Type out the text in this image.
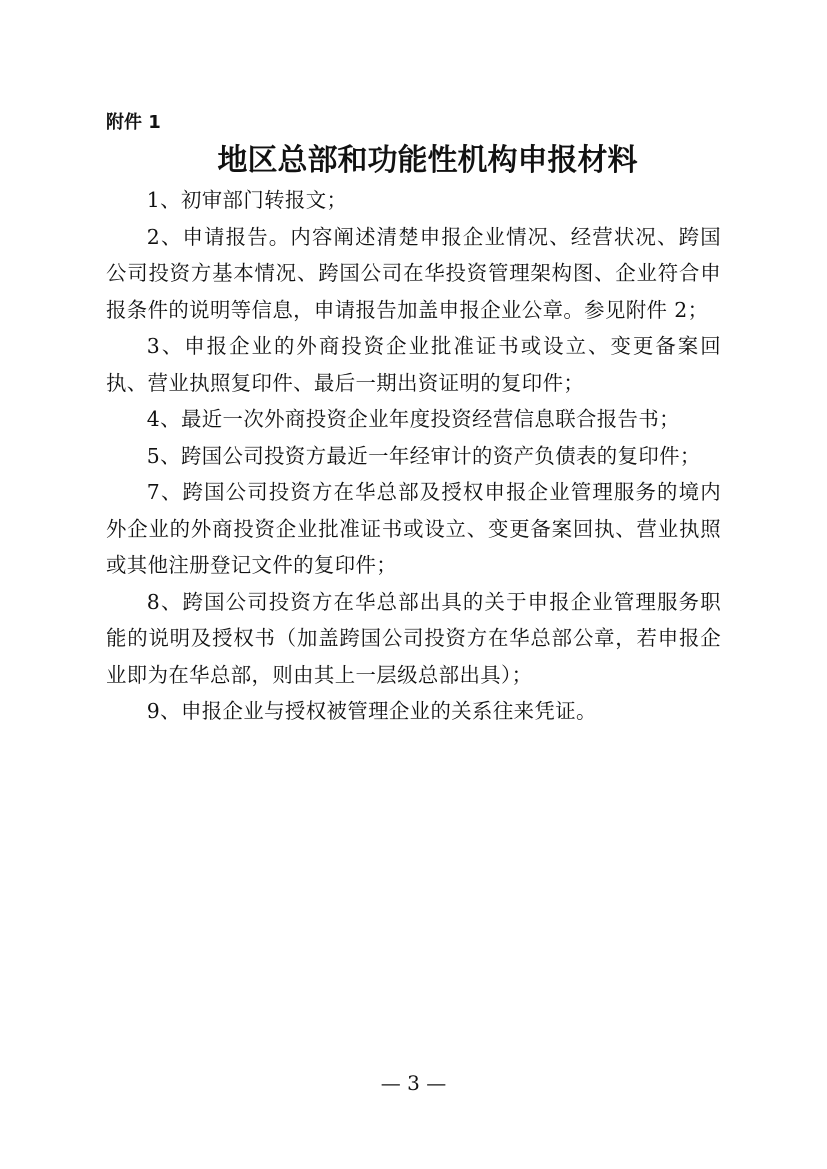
附件 1
地区总部和功能性机构申报材料

1、初审部门转报文；

2、申请报告。内容阐述清楚申报企业情况、经营状况、跨国公司投资方基本情况、跨国公司在华投资管理架构图、企业符合申报条件的说明等信息，申请报告加盖申报企业公章。参见附件 2；

3、申报企业的外商投资企业批准证书或设立、变更备案回执、营业执照复印件、最后一期出资证明的复印件；

4、最近一次外商投资企业年度投资经营信息联合报告书；

5、跨国公司投资方最近一年经审计的资产负债表的复印件；

7、跨国公司投资方在华总部及授权申报企业管理服务的境内外企业的外商投资企业批准证书或设立、变更备案回执、营业执照或其他注册登记文件的复印件；

8、跨国公司投资方在华总部出具的关于申报企业管理服务职能的说明及授权书（加盖跨国公司投资方在华总部公章，若申报企业即为在华总部，则由其上一层级总部出具）；

9、申报企业与授权被管理企业的关系往来凭证。

— 3 —
